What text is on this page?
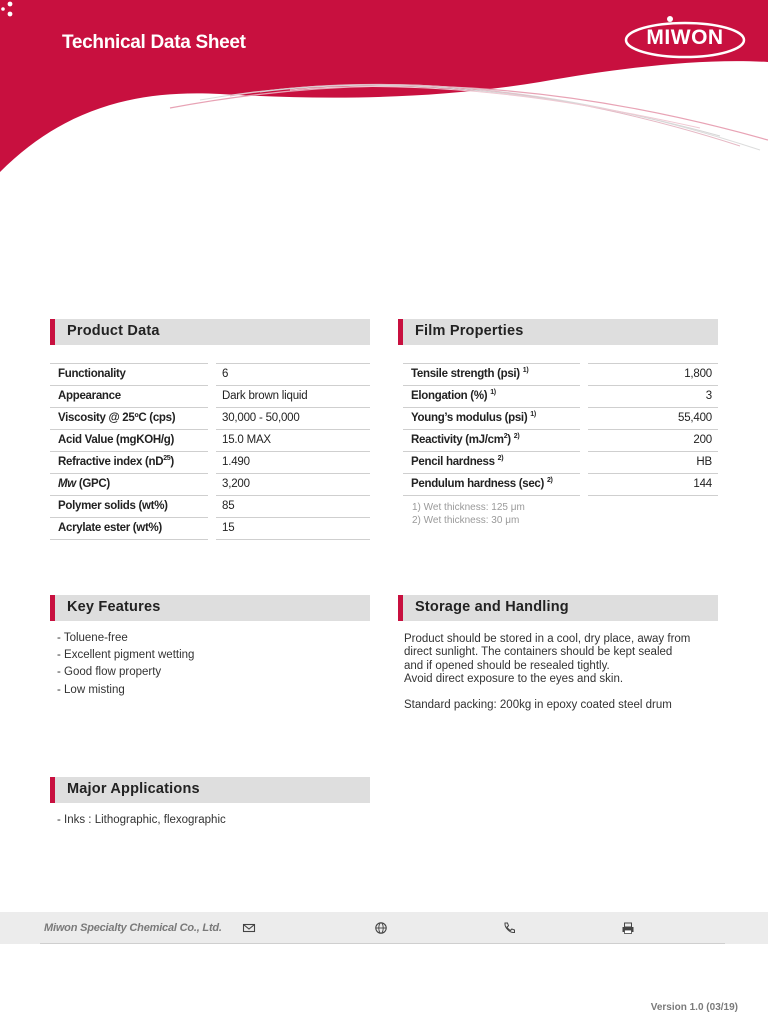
Technical Data Sheet	MIWON
Product Data
Functionality	6
Appearance	Dark brown liquid
Viscosity @ 25ºC (cps)	30,000 - 50,000
Acid Value (mgKOH/g)	15.0 MAX
Refractive index $(nD^{25})$	1.490
Mw (GPC)	3,200
Polymer solids (wt%)	85
Acrylate ester (wt%)	15
Film Properties
Tensile strength (psi) $^{1)}$	1,800
Elongation (%) $^{1)}$	3
Young’s modulus (psi) $^{1)}$	55,400
Reactivity $(mJ/cm^2)$ $^{2)}$	200
Pencil hardness $^{2)}$	HB
Pendulum hardness (sec) $^{2)}$	144
1) Wet thickness: 125 μm
2) Wet thickness: 30 μm
Key Features
- Toluene-free
- Excellent pigment wetting
- Good flow property
- Low misting
Storage and Handling
Product should be stored in a cool, dry place, away from
direct sunlight. The containers should be kept sealed
and if opened should be resealed tightly.
Avoid direct exposure to the eyes and skin.
Standard packing: 200kg in epoxy coated steel drum
Major Applications
- Inks : Lithographic, flexographic
Miwon Specialty Chemical Co., Ltd.
Version 1.0 (03/19)
